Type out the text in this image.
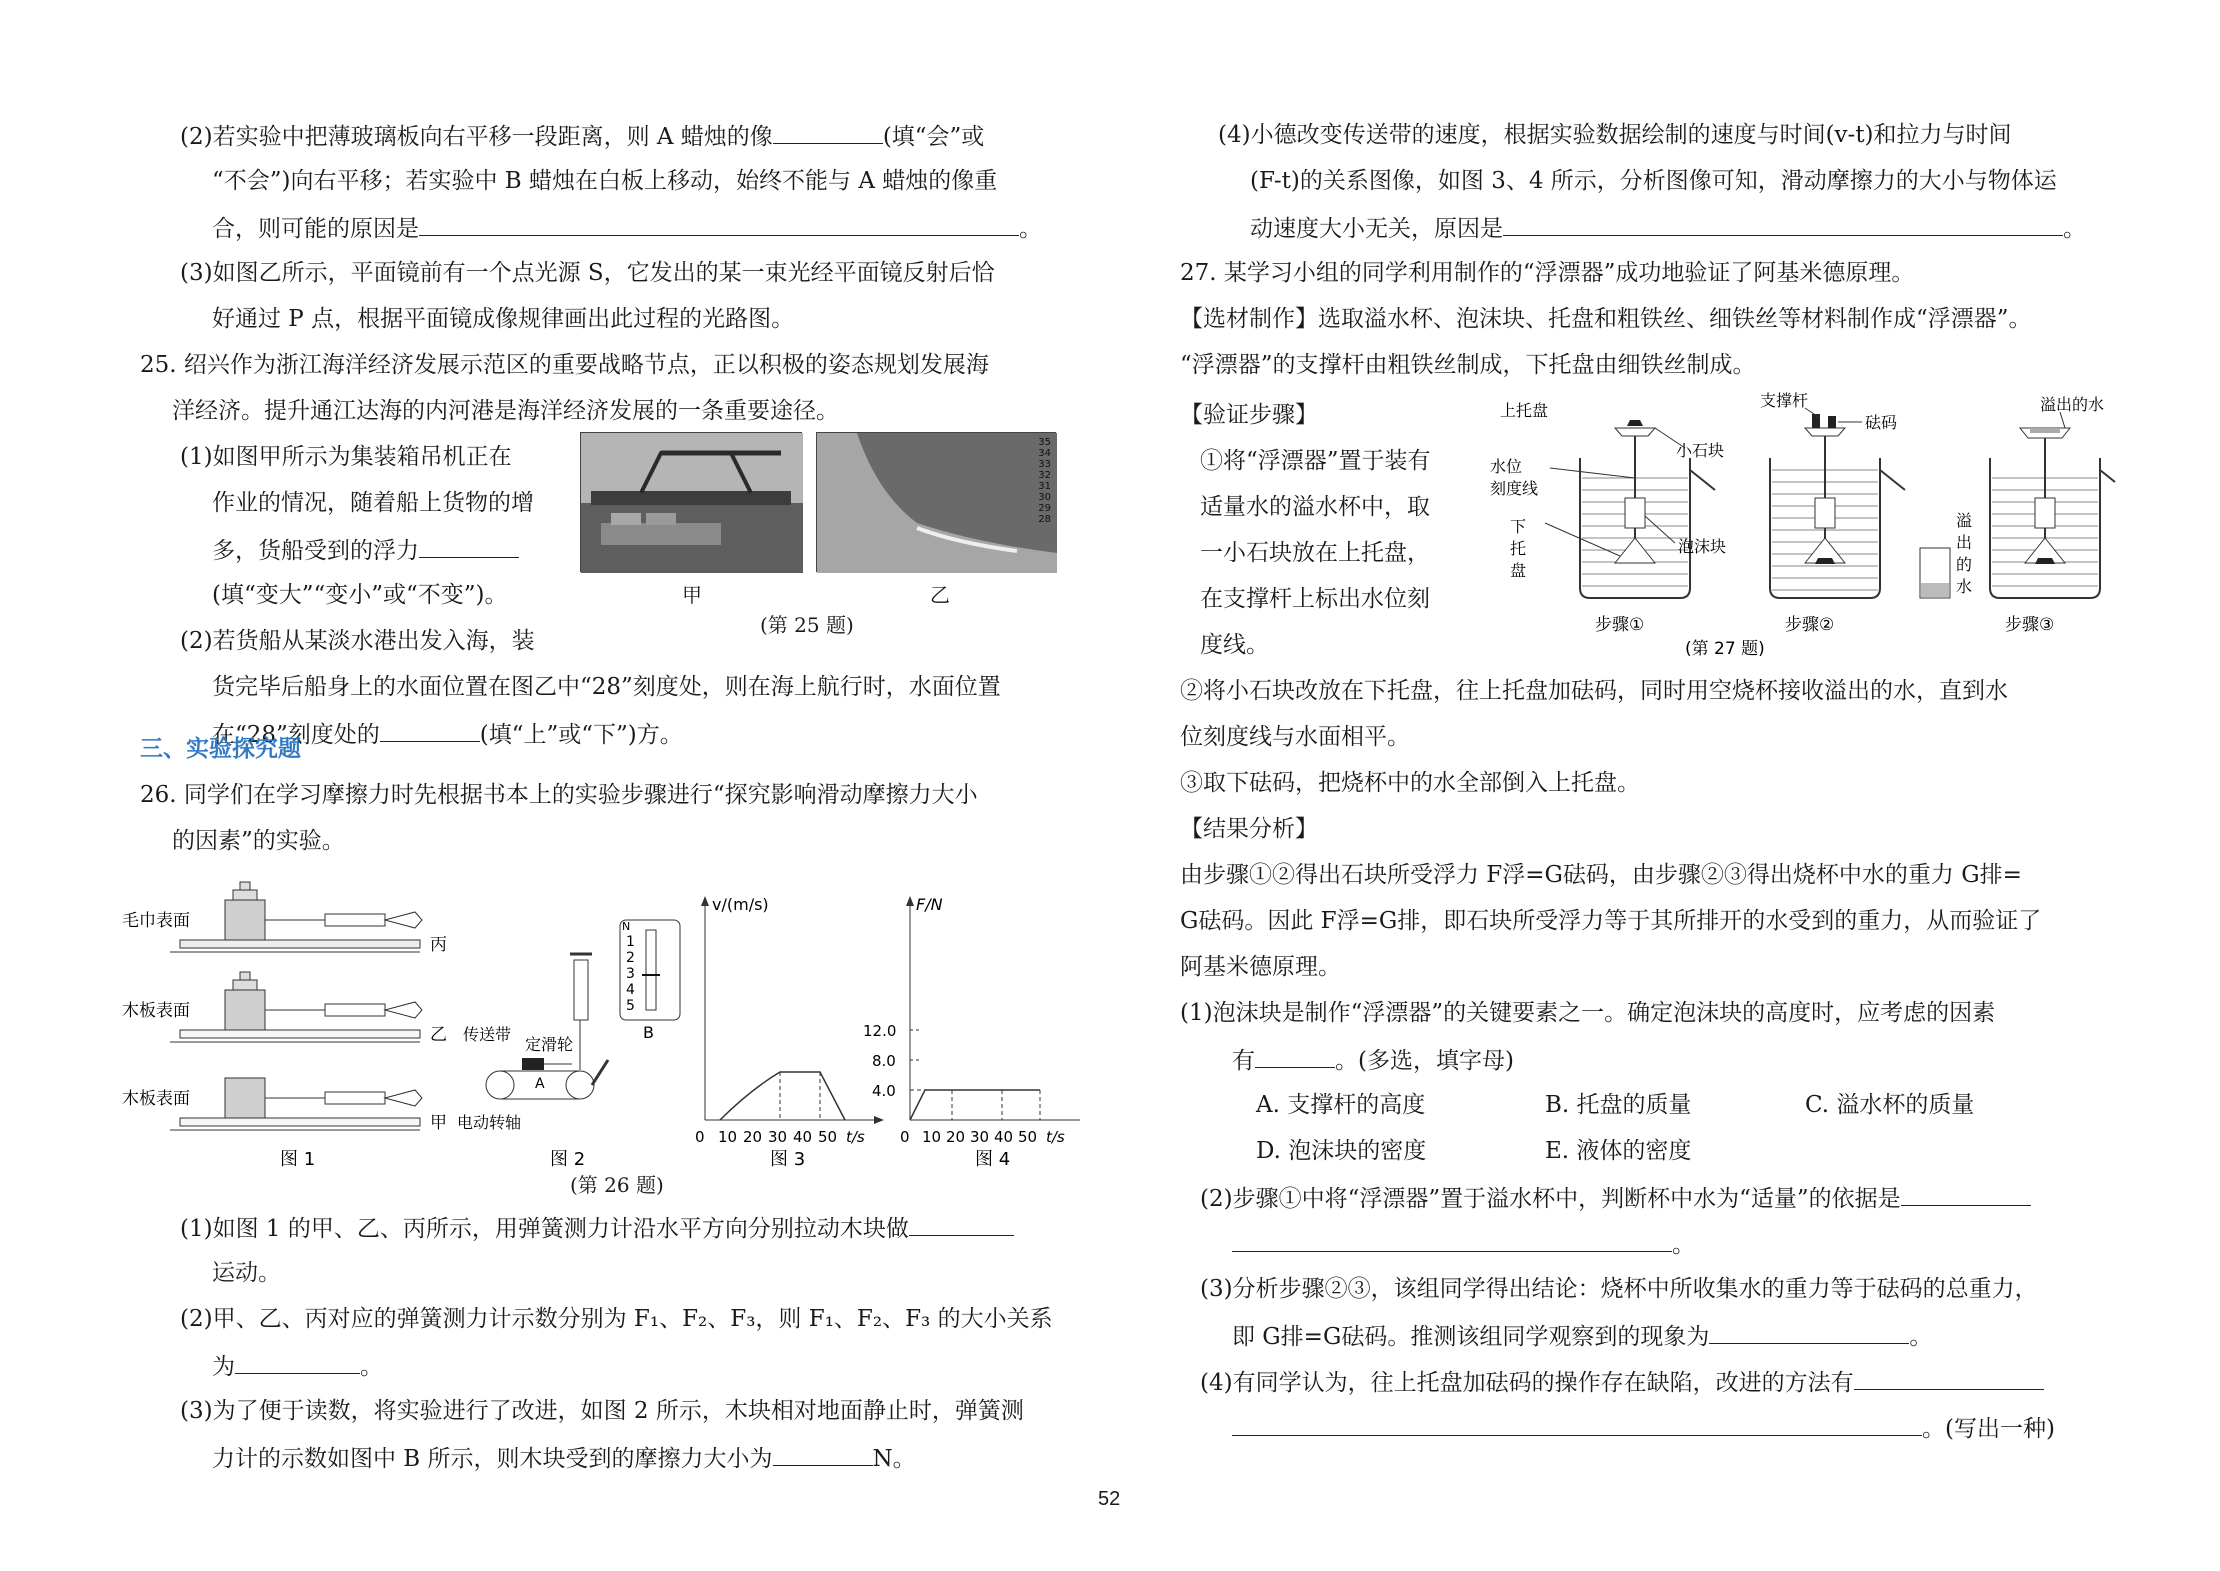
(2)若实验中把薄玻璃板向右平移一段距离，则 A 蜡烛的像	(填“会”或
“不会”)向右平移；若实验中 B 蜡烛在白板上移动，始终不能与 A 蜡烛的像重
合，则可能的原因是	。
(3)如图乙所示，平面镜前有一个点光源 S，它发出的某一束光经平面镜反射后恰
好通过 P 点，根据平面镜成像规律画出此过程的光路图。
25. 绍兴作为浙江海洋经济发展示范区的重要战略节点，正以积极的姿态规划发展海
洋经济。提升通江达海的内河港是海洋经济发展的一条重要途径。
(1)如图甲所示为集装箱吊机正在
作业的情况，随着船上货物的增
多，货船受到的浮力
(填“变大”“变小”或“不变”)。
(2)若货船从某淡水港出发入海，装
货完毕后船身上的水面位置在图乙中“28”刻度处，则在海上航行时，水面位置
在“28”刻度处的	(填“上”或“下”)方。
35
34
33
32
31
30
29
28
甲	乙
(第 25 题)
三、实验探究题
26. 同学们在学习摩擦力时先根据书本上的实验步骤进行“探究影响滑动摩擦力大小
的因素”的实验。
毛巾表面
木板表面
木板表面
丙
乙
甲
图 1
N
1
2
3
4
5
B
传送带
定滑轮
A
电动转轴
图 2
v/(m/s)
0 10 20 30 40 50 t/s
图 3
F/N
12.0
8.0
4.0
0 10 20 30 40 50 t/s
图 4
(第 26 题)
(1)如图 1 的甲、乙、丙所示，用弹簧测力计沿水平方向分别拉动木块做
运动。
(2)甲、乙、丙对应的弹簧测力计示数分别为 F₁、F₂、F₃，则 F₁、F₂、F₃ 的大小关系
为	。
(3)为了便于读数，将实验进行了改进，如图 2 所示，木块相对地面静止时，弹簧测
力计的示数如图中 B 所示，则木块受到的摩擦力大小为	N。
(4)小德改变传送带的速度，根据实验数据绘制的速度与时间(v-t)和拉力与时间
(F-t)的关系图像，如图 3、4 所示，分析图像可知，滑动摩擦力的大小与物体运
动速度大小无关，原因是	。
27. 某学习小组的同学利用制作的“浮漂器”成功地验证了阿基米德原理。
【选材制作】选取溢水杯、泡沫块、托盘和粗铁丝、细铁丝等材料制作成“浮漂器”。
“浮漂器”的支撑杆由粗铁丝制成，下托盘由细铁丝制成。
【验证步骤】
①将“浮漂器”置于装有
适量水的溢水杯中，取
一小石块放在上托盘，
在支撑杆上标出水位刻
度线。
上托盘
小石块
水位
刻度线
下
托
盘
泡沫块
支撑杆
砝码
溢出的水
溢
出
的
水
步骤①	步骤②	步骤③
(第 27 题)
②将小石块改放在下托盘，往上托盘加砝码，同时用空烧杯接收溢出的水，直到水
位刻度线与水面相平。
③取下砝码，把烧杯中的水全部倒入上托盘。
【结果分析】
由步骤①②得出石块所受浮力 F浮=G砝码，由步骤②③得出烧杯中水的重力 G排=
G砝码。因此 F浮=G排，即石块所受浮力等于其所排开的水受到的重力，从而验证了
阿基米德原理。
(1)泡沫块是制作“浮漂器”的关键要素之一。确定泡沫块的高度时，应考虑的因素
有	。(多选，填字母)
A. 支撑杆的高度	B. 托盘的质量	C. 溢水杯的质量
D. 泡沫块的密度	E. 液体的密度
(2)步骤①中将“浮漂器”置于溢水杯中，判断杯中水为“适量”的依据是
。
(3)分析步骤②③，该组同学得出结论：烧杯中所收集水的重力等于砝码的总重力，
即 G排=G砝码。推测该组同学观察到的现象为	。
(4)有同学认为，往上托盘加砝码的操作存在缺陷，改进的方法有
。(写出一种)
52
